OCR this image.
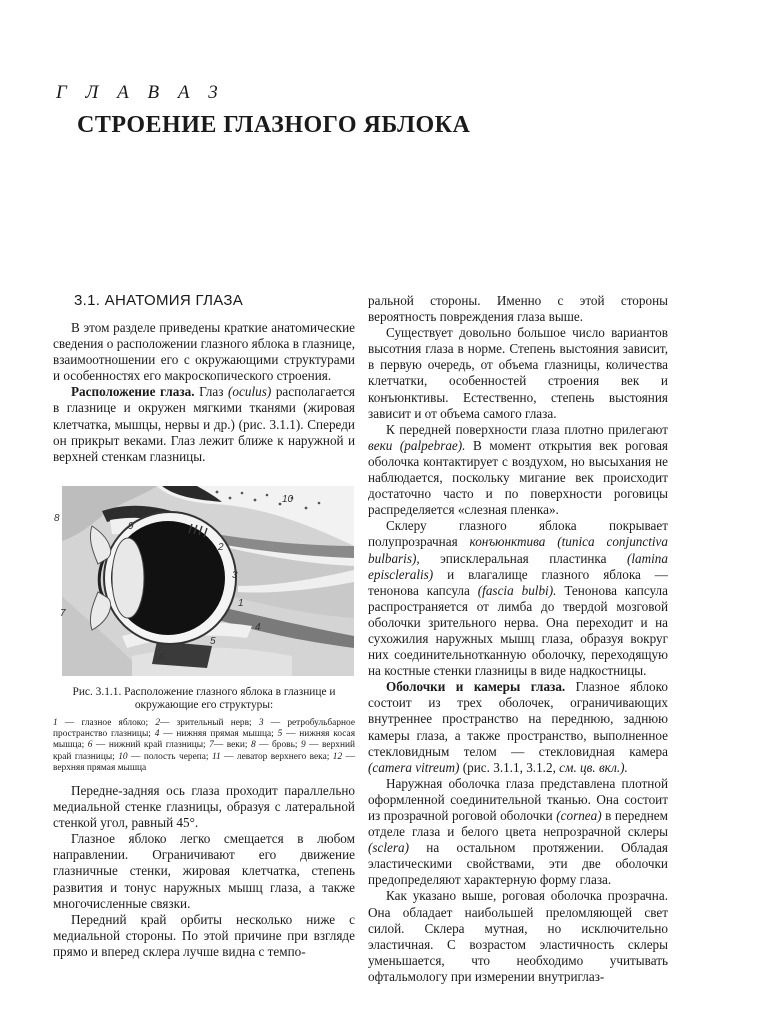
Г Л А В А 3
СТРОЕНИЕ ГЛАЗНОГО ЯБЛОКА
3.1. АНАТОМИЯ ГЛАЗА

В этом разделе приведены краткие анатомические сведения о расположении глазного яблока в глазнице, взаимоотношении его с окружающими структурами и особенностях его макроскопического строения.

Расположение глаза. Глаз (oculus) располагается в глазнице и окружен мягкими тканями (жировая клетчатка, мышцы, нервы и др.) (рис. 3.1.1). Спереди он прикрыт веками. Глаз лежит ближе к наружной и верхней стенкам глазницы.

10
9
8
7
6
5
4
3
2
1
Рис. 3.1.1. Расположение глазного яблока в глазнице и окружающие его структуры:
1 — глазное яблоко; 2— зрительный нерв; 3 — ретробульбарное пространство глазницы; 4 — нижняя прямая мышца; 5 — нижняя косая мышца; 6 — нижний край глазницы; 7— веки; 8 — бровь; 9 — верхний край глазницы; 10 — полость черепа; 11 — леватор верхнего века; 12 — верхняя прямая мышца

Передне-задняя ось глаза проходит параллельно медиальной стенке глазницы, образуя с латеральной стенкой угол, равный 45°.

Глазное яблоко легко смещается в любом направлении. Ограничивают его движение глазничные стенки, жировая клетчатка, степень развития и тонус наружных мышц глаза, а также многочисленные связки.

Передний край орбиты несколько ниже с медиальной стороны. По этой причине при взгляде прямо и вперед склера лучше видна с темпо-

ральной стороны. Именно с этой стороны вероятность повреждения глаза выше.

Существует довольно большое число вариантов высотния глаза в норме. Степень выстояния зависит, в первую очередь, от объема глазницы, количества клетчатки, особенностей строения век и конъюнктивы. Естественно, степень выстояния зависит и от объема самого глаза.

К передней поверхности глаза плотно прилегают веки (palpebrae). В момент открытия век роговая оболочка контактирует с воздухом, но высыхания не наблюдается, поскольку мигание век происходит достаточно часто и по поверхности роговицы распределяется «слезная пленка».

Склеру глазного яблока покрывает полупрозрачная конъюнктива (tunica conjunctiva bulbaris), эписклеральная пластинка (lamina episcleralis) и влагалище глазного яблока — тенонова капсула (fascia bulbi). Тенонова капсула распространяется от лимба до твердой мозговой оболочки зрительного нерва. Она переходит и на сухожилия наружных мышц глаза, образуя вокруг них соединительнотканную оболочку, переходящую на костные стенки глазницы в виде надкостницы.

Оболочки и камеры глаза. Глазное яблоко состоит из трех оболочек, ограничивающих внутреннее пространство на переднюю, заднюю камеры глаза, а также пространство, выполненное стекловидным телом — стекловидная камера (camera vitreum) (рис. 3.1.1, 3.1.2, см. цв. вкл.).

Наружная оболочка глаза представлена плотной оформленной соединительной тканью. Она состоит из прозрачной роговой оболочки (cornea) в переднем отделе глаза и белого цвета непрозрачной склеры (sclera) на остальном протяжении. Обладая эластическими свойствами, эти две оболочки предопределяют характерную форму глаза.

Как указано выше, роговая оболочка прозрачна. Она обладает наибольшей преломляющей свет силой. Склера мутная, но исключительно эластичная. С возрастом эластичность склеры уменьшается, что необходимо учитывать офтальмологу при измерении внутриглаз-
